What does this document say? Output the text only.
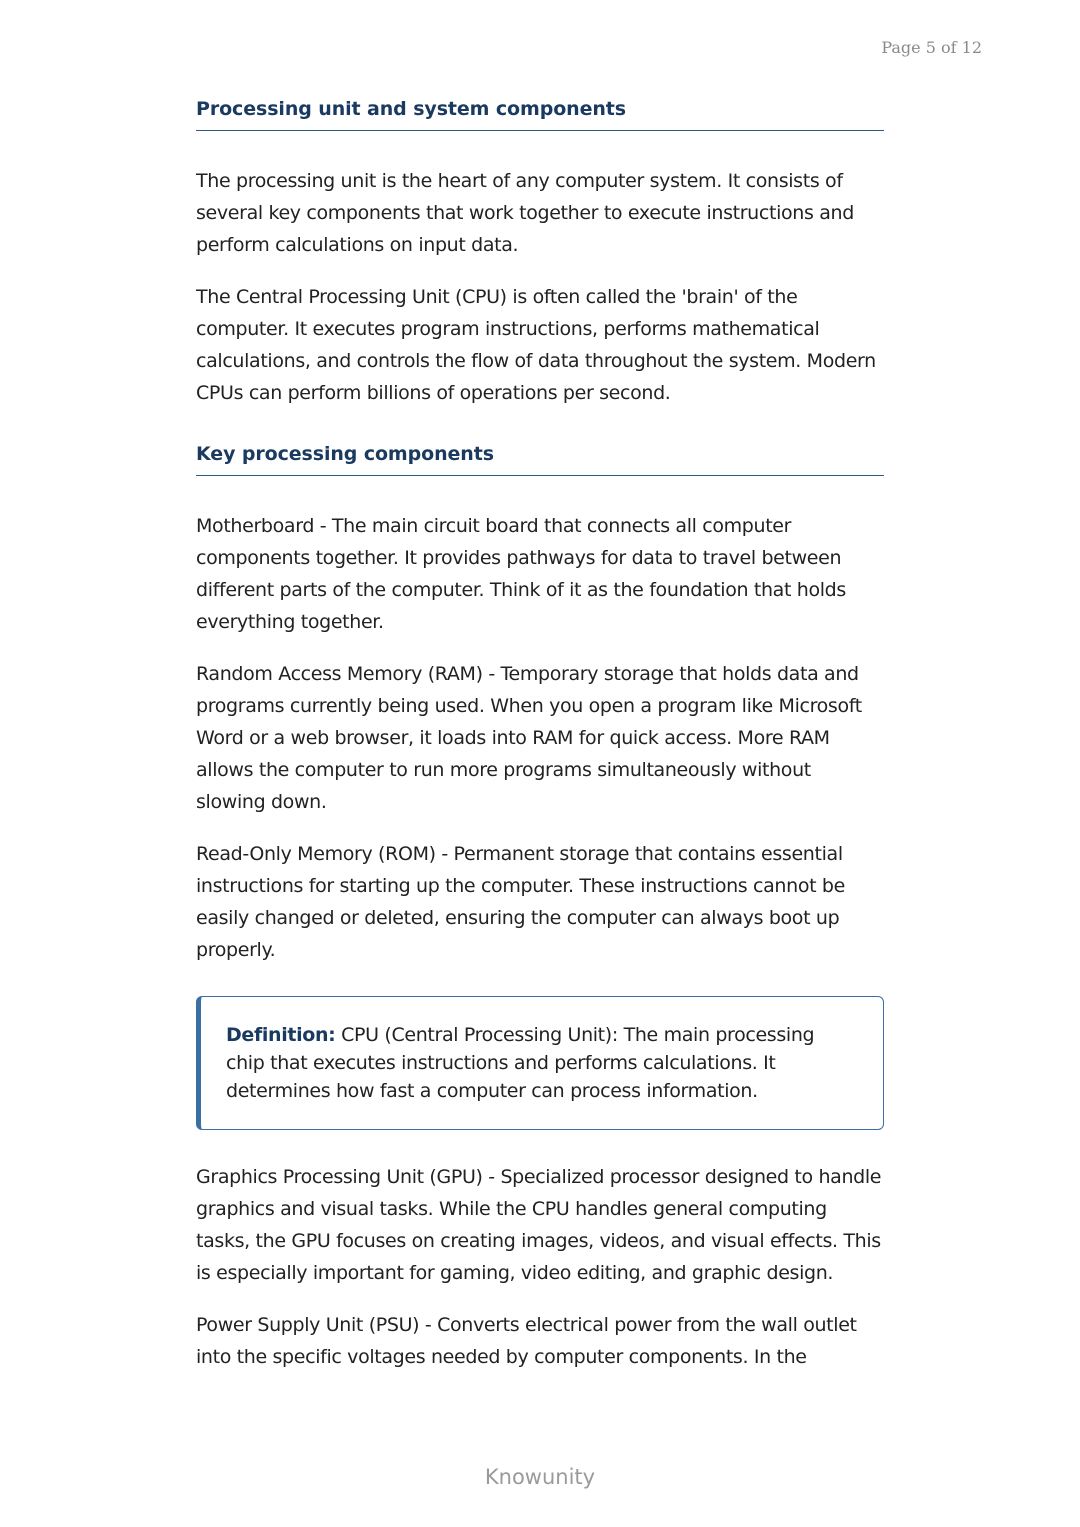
Page 5 of 12
Processing unit and system components

The processing unit is the heart of any computer system. It consists of several key components that work together to execute instructions and perform calculations on input data.

The Central Processing Unit (CPU) is often called the 'brain' of the computer. It executes program instructions, performs mathematical calculations, and controls the flow of data throughout the system. Modern CPUs can perform billions of operations per second.

Key processing components

Motherboard - The main circuit board that connects all computer components together. It provides pathways for data to travel between different parts of the computer. Think of it as the foundation that holds everything together.

Random Access Memory (RAM) - Temporary storage that holds data and programs currently being used. When you open a program like Microsoft Word or a web browser, it loads into RAM for quick access. More RAM allows the computer to run more programs simultaneously without slowing down.

Read-Only Memory (ROM) - Permanent storage that contains essential instructions for starting up the computer. These instructions cannot be easily changed or deleted, ensuring the computer can always boot up properly.

Definition: CPU (Central Processing Unit): The main processing chip that executes instructions and performs calculations. It determines how fast a computer can process information.

Graphics Processing Unit (GPU) - Specialized processor designed to handle graphics and visual tasks. While the CPU handles general computing tasks, the GPU focuses on creating images, videos, and visual effects. This is especially important for gaming, video editing, and graphic design.

Power Supply Unit (PSU) - Converts electrical power from the wall outlet into the specific voltages needed by computer components. In the

Knowunity
